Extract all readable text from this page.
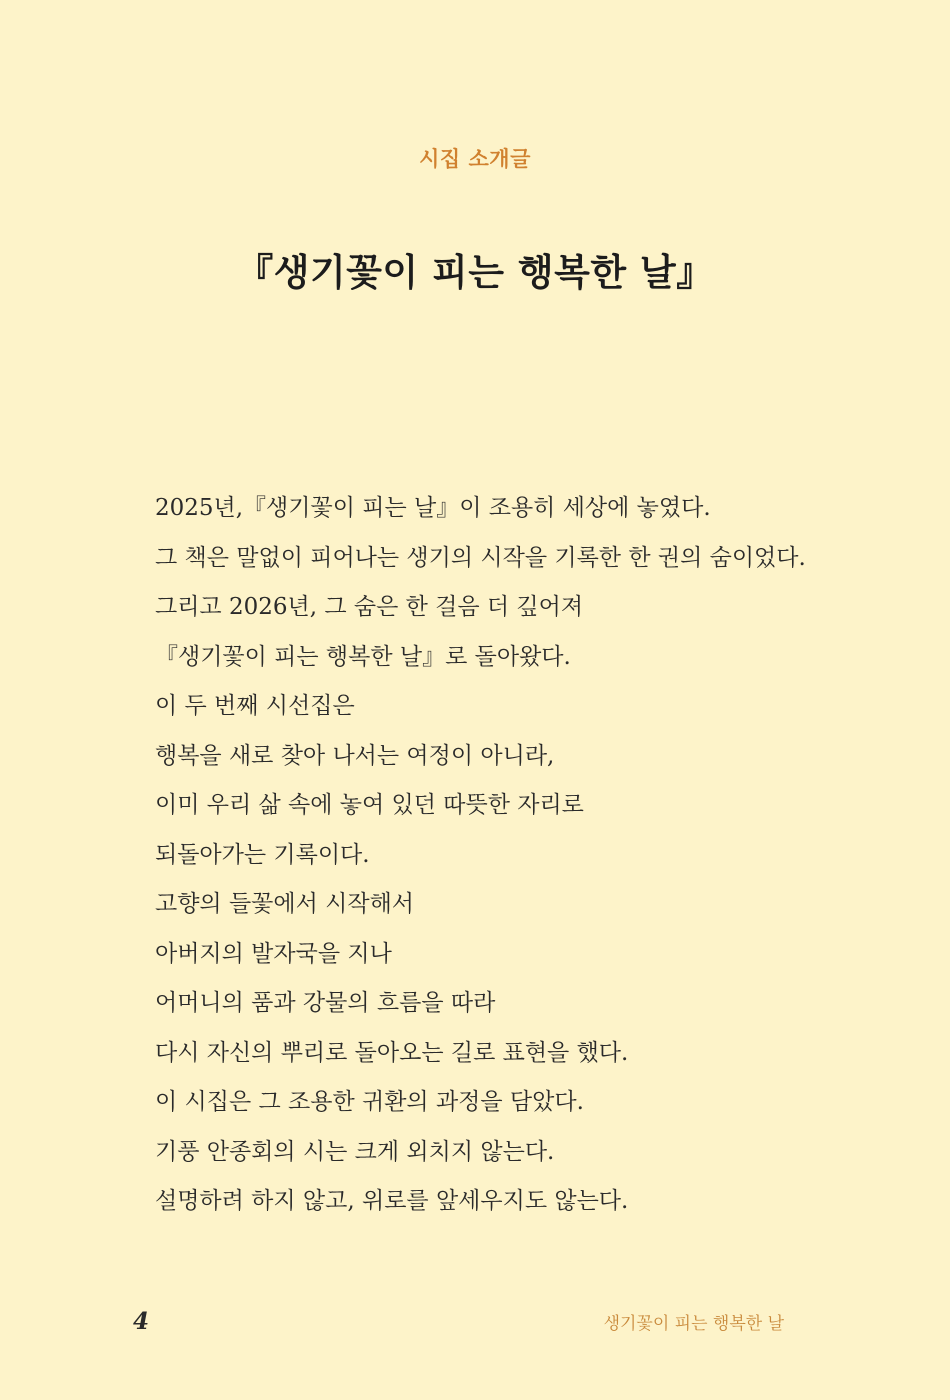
시집 소개글
『생기꽃이 피는 행복한 날』
2025년,『생기꽃이 피는 날』이 조용히 세상에 놓였다.
그 책은 말없이 피어나는 생기의 시작을 기록한 한 권의 숨이었다.
그리고 2026년, 그 숨은 한 걸음 더 깊어져
『생기꽃이 피는 행복한 날』로 돌아왔다.
이 두 번째 시선집은
행복을 새로 찾아 나서는 여정이 아니라,
이미 우리 삶 속에 놓여 있던 따뜻한 자리로
되돌아가는 기록이다.
고향의 들꽃에서 시작해서
아버지의 발자국을 지나
어머니의 품과 강물의 흐름을 따라
다시 자신의 뿌리로 돌아오는 길로 표현을 했다.
이 시집은 그 조용한 귀환의 과정을 담았다.
기풍 안종회의 시는 크게 외치지 않는다.
설명하려 하지 않고, 위로를 앞세우지도 않는다.
4	생기꽃이 피는 행복한 날
